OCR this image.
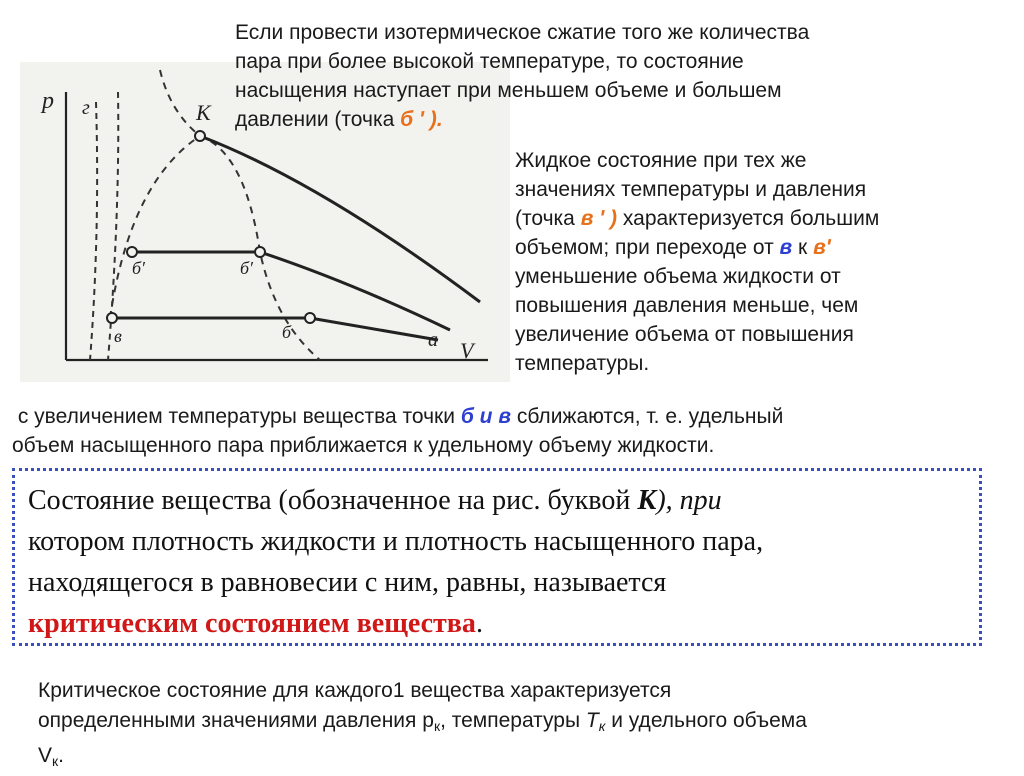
p г	К
б′	б′
в	б	а V
Если провести изотермическое сжатие того же количества
пара при более высокой температуре, то состояние
насыщения наступает при меньшем объеме и большем
давлении (точка б ʹ ).
Жидкое состояние при тех же
значениях температуры и давления
(точка в ʹ ) характеризуется большим
объемом; при переходе от в к вʹ
уменьшение объема жидкости от
повышения давления меньше, чем
увеличение объема от повышения
температуры.
с увеличением температуры вещества точки б и в сближаются, т. е. удельный
объем насыщенного пара приближается к удельному объему жидкости.
Состояние вещества (обозначенное на рис. буквой К), при
котором плотность жидкости и плотность насыщенного пара,
находящегося в равновесии с ним, равны, называется
критическим состоянием вещества.
Критическое состояние для каждого1 вещества характеризуется
определенными значениями давления $p_к$, температуры $T_к$ и удельного объема
$V_к$.
